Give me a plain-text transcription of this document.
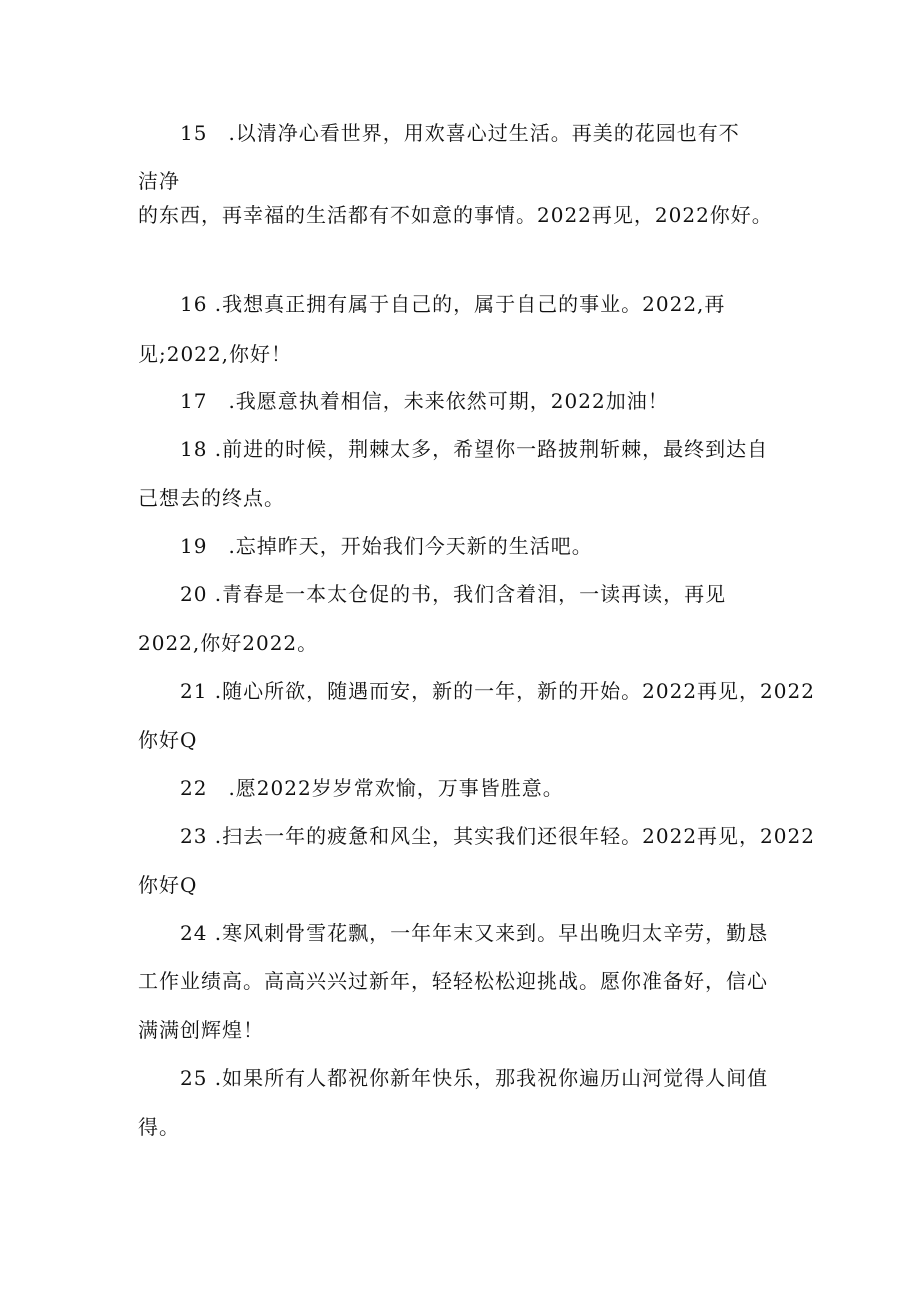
15　.以清净心看世界，用欢喜心过生活。再美的花园也有不
洁净
的东西，再幸福的生活都有不如意的事情。2022再见，2022你好。
16 .我想真正拥有属于自己的，属于自己的事业。2022,再
见;2022,你好！
17　.我愿意执着相信，未来依然可期，2022加油！
18 .前进的时候，荆棘太多，希望你一路披荆斩棘，最终到达自
己想去的终点。
19　.忘掉昨天，开始我们今天新的生活吧。
20 .青春是一本太仓促的书，我们含着泪，一读再读，再见
2022,你好2022。
21 .随心所欲，随遇而安，新的一年，新的开始。2022再见，2022
你好Q
22　.愿2022岁岁常欢愉，万事皆胜意。
23 .扫去一年的疲惫和风尘，其实我们还很年轻。2022再见，2022
你好Q
24 .寒风刺骨雪花飘，一年年末又来到。早出晚归太辛劳，勤恳
工作业绩高。高高兴兴过新年，轻轻松松迎挑战。愿你准备好，信心
满满创辉煌！
25 .如果所有人都祝你新年快乐，那我祝你遍历山河觉得人间值
得。
